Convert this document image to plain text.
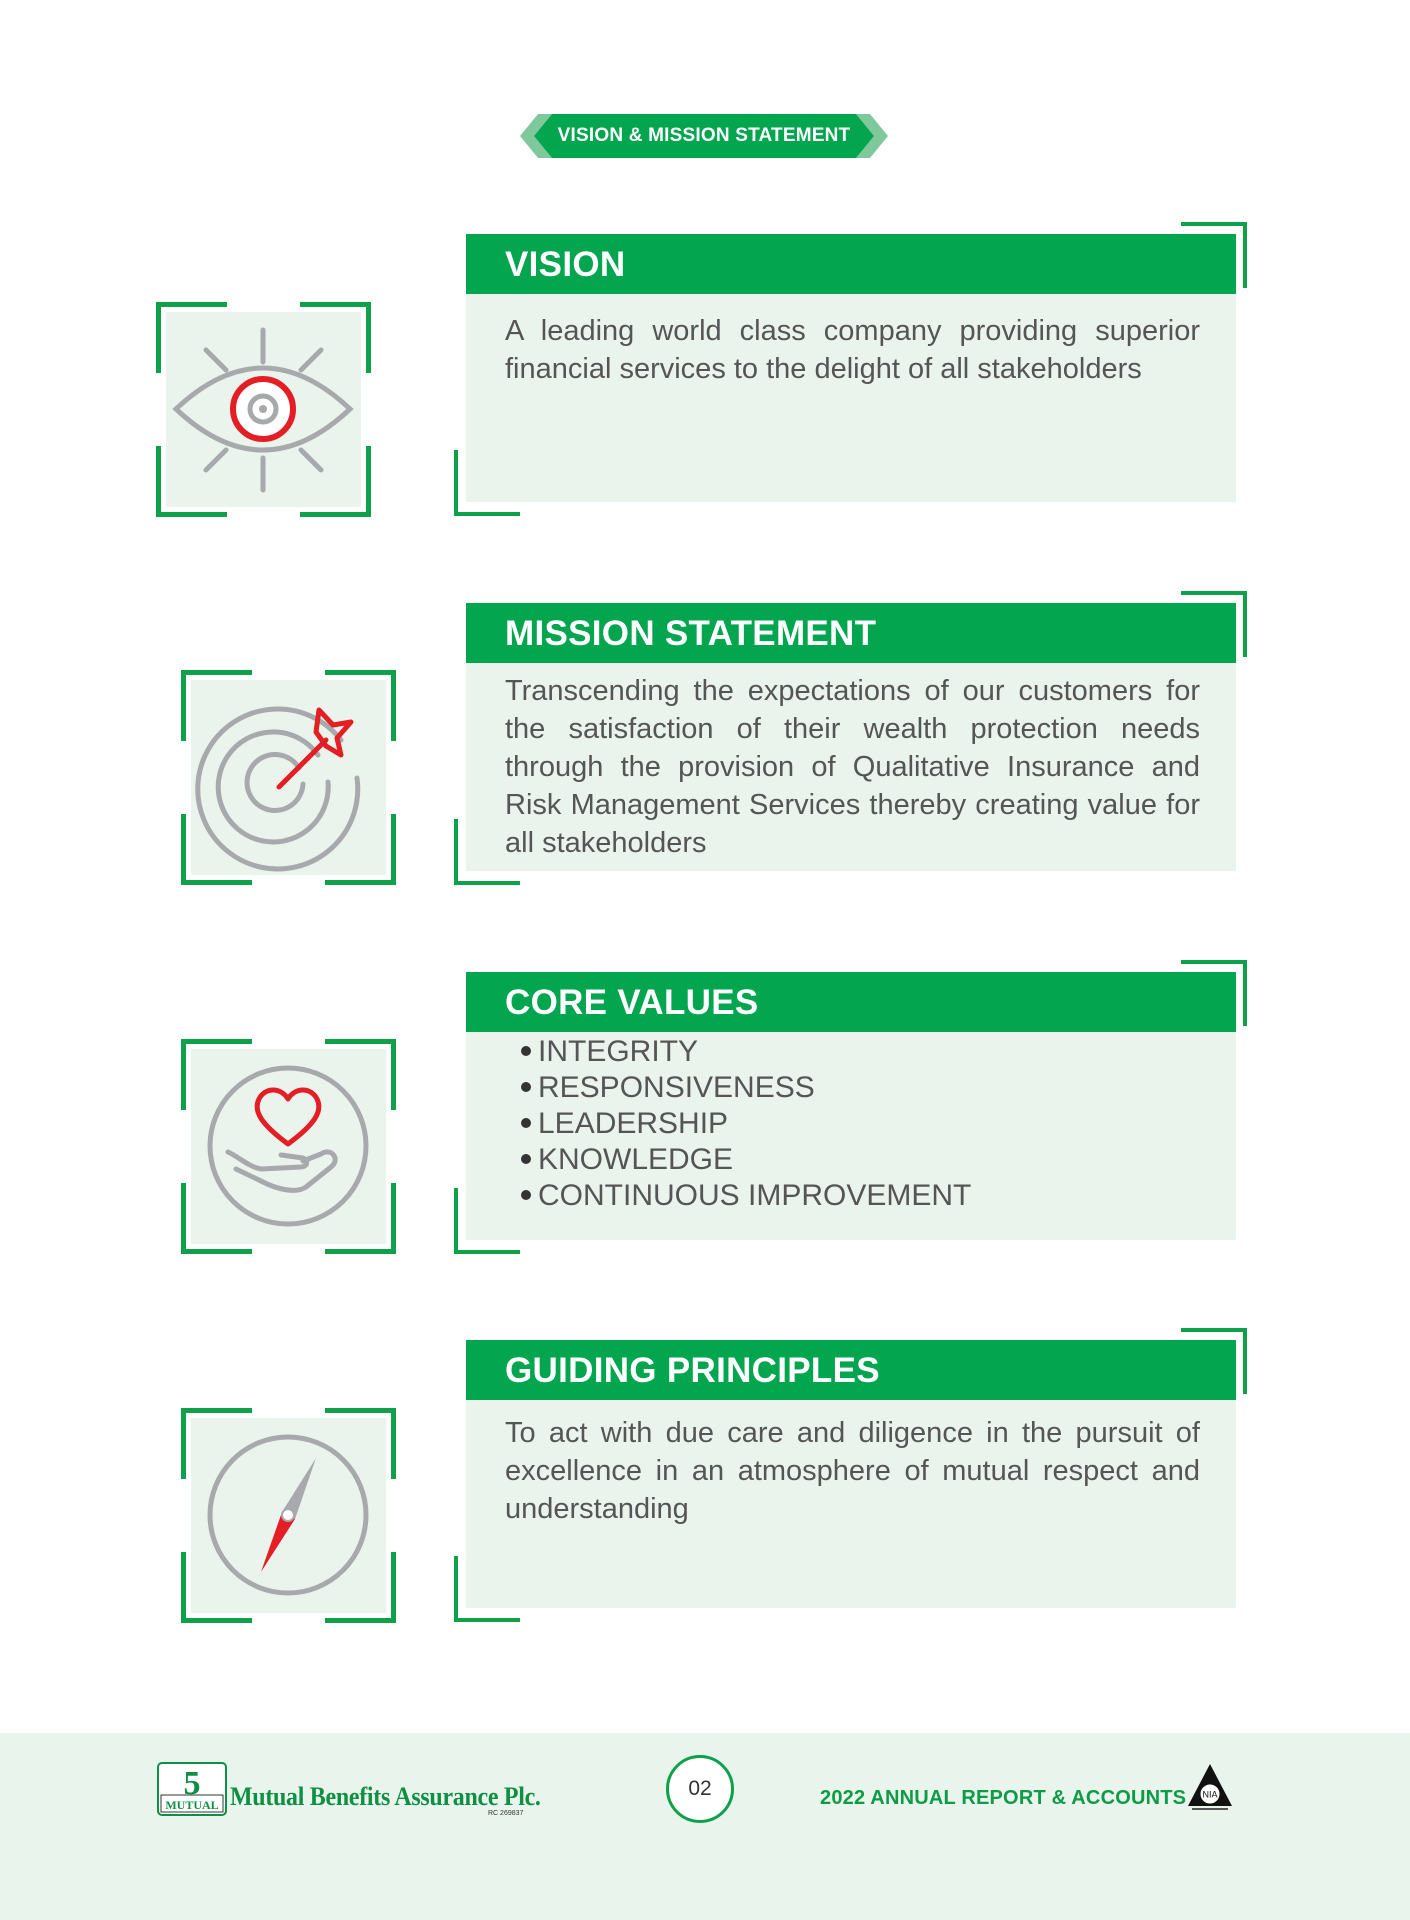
VISION & MISSION STATEMENT
VISION
A leading world class company providing superior financial services to the delight of all stakeholders
MISSION STATEMENT
Transcending the expectations of our customers for the satisfaction of their wealth protection needs through the provision of Qualitative Insurance and Risk Management Services thereby creating value for all stakeholders
CORE VALUES
INTEGRITY
RESPONSIVENESS
LEADERSHIP
KNOWLEDGE
CONTINUOUS IMPROVEMENT
GUIDING PRINCIPLES
To act with due care and diligence in the pursuit of excellence in an atmosphere of mutual respect and understanding
5
MUTUAL Mutual Benefits Assurance Plc.
RC 269837
02	2022 ANNUAL REPORT & ACCOUNTS NIA
